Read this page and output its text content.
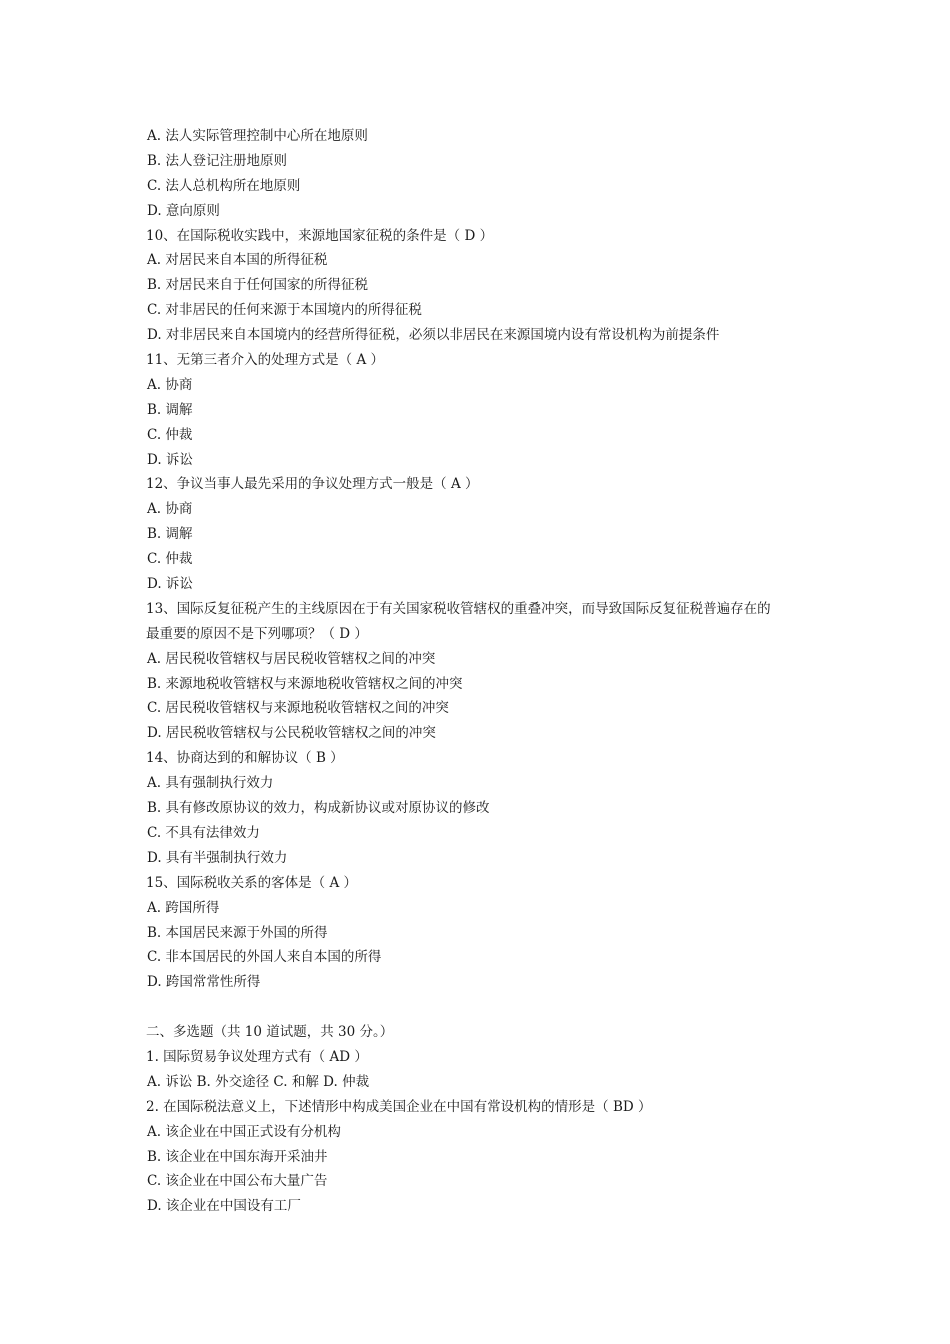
A. 法人实际管理控制中心所在地原则
B. 法人登记注册地原则
C. 法人总机构所在地原则
D. 意向原则
10、在国际税收实践中，来源地国家征税的条件是（ D ）
A. 对居民来自本国的所得征税
B. 对居民来自于任何国家的所得征税
C. 对非居民的任何来源于本国境内的所得征税
D. 对非居民来自本国境内的经营所得征税，必须以非居民在来源国境内设有常设机构为前提条件
11、无第三者介入的处理方式是（ A ）
A. 协商
B. 调解
C. 仲裁
D. 诉讼
12、争议当事人最先采用的争议处理方式一般是（ A ）
A. 协商
B. 调解
C. 仲裁
D. 诉讼
13、国际反复征税产生的主线原因在于有关国家税收管辖权的重叠冲突，而导致国际反复征税普遍存在的
最重要的原因不是下列哪项？（ D ）
A. 居民税收管辖权与居民税收管辖权之间的冲突
B. 来源地税收管辖权与来源地税收管辖权之间的冲突
C. 居民税收管辖权与来源地税收管辖权之间的冲突
D. 居民税收管辖权与公民税收管辖权之间的冲突
14、协商达到的和解协议（ B ）
A. 具有强制执行效力
B. 具有修改原协议的效力，构成新协议或对原协议的修改
C. 不具有法律效力
D. 具有半强制执行效力
15、国际税收关系的客体是（ A ）
A. 跨国所得
B. 本国居民来源于外国的所得
C. 非本国居民的外国人来自本国的所得
D. 跨国常常性所得
二、多选题（共 10 道试题，共 30 分。）
1. 国际贸易争议处理方式有（ AD ）
A. 诉讼 B. 外交途径 C. 和解 D. 仲裁
2. 在国际税法意义上，下述情形中构成美国企业在中国有常设机构的情形是（ BD ）
A. 该企业在中国正式设有分机构
B. 该企业在中国东海开采油井
C. 该企业在中国公布大量广告
D. 该企业在中国设有工厂
